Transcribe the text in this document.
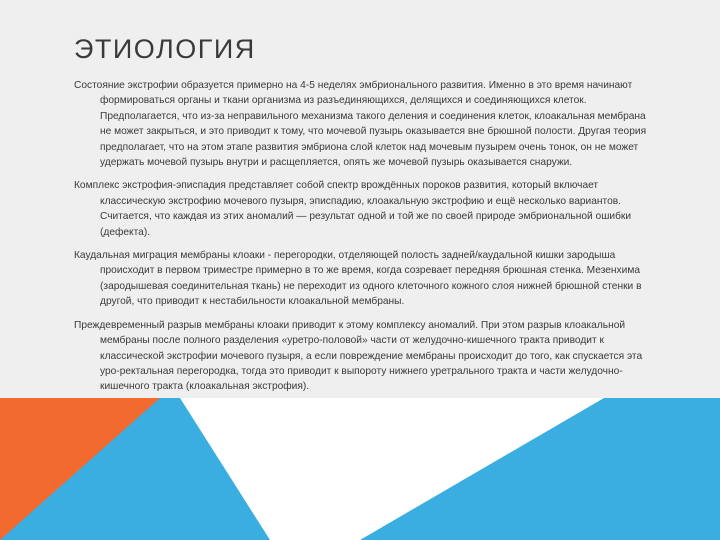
ЭТИОЛОГИЯ

Состояние экстрофии образуется примерно на 4-5 неделях эмбрионального развития. Именно в это время начинают формироваться органы и ткани организма из разъединяющихся, делящихся и соединяющихся клеток. Предполагается, что из-за неправильного механизма такого деления и соединения клеток, клоакальная мембрана не может закрыться, и это приводит к тому, что мочевой пузырь оказывается вне брюшной полости. Другая теория предполагает, что на этом этапе развития эмбриона слой клеток над мочевым пузырем очень тонок, он не может удержать мочевой пузырь внутри и расщепляется, опять же мочевой пузырь оказывается снаружи.

Комплекс экстрофия-эписпадия представляет собой спектр врождённых пороков развития, который включает классическую экстрофию мочевого пузыря, эписпадию, клоакальную экстрофию и ещё несколько вариантов. Считается, что каждая из этих аномалий — результат одной и той же по своей природе эмбриональной ошибки (дефекта).

Каудальная миграция мембраны клоаки - перегородки, отделяющей полость задней/каудальной кишки зародыша происходит в первом триместре примерно в то же время, когда созревает передняя брюшная стенка. Мезенхима (зародышевая соединительная ткань) не переходит из одного клеточного кожного слоя нижней брюшной стенки в другой, что приводит к нестабильности клоакальной мембраны.

Преждевременный разрыв мембраны клоаки приводит к этому комплексу аномалий. При этом разрыв клоакальной мембраны после полного разделения «уретро-половой» части от желудочно-кишечного тракта приводит к классической экстрофии мочевого пузыря, а если повреждение мембраны происходит до того, как спускается эта уро-ректальная перегородка, тогда это приводит к выпороту нижнего уретрального тракта и части желудочно-кишечного тракта (клоакальная экстрофия).
